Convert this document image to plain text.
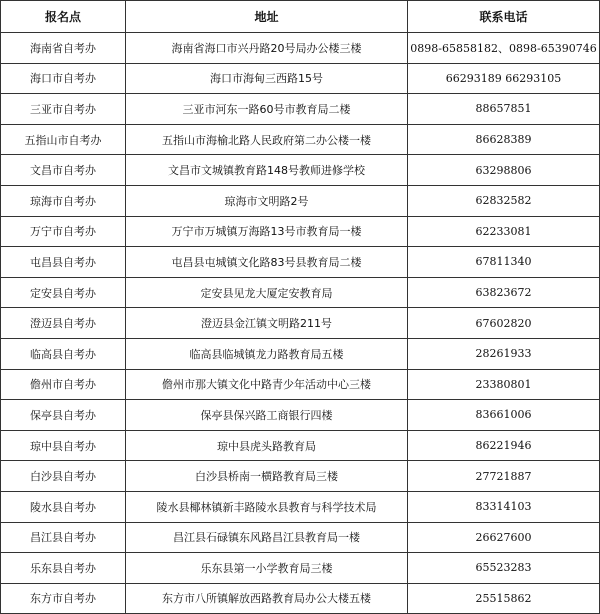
报名点	地址	联系电话
海南省自考办	海南省海口市兴丹路20号局办公楼三楼	0898-65858182、0898-65390746
海口市自考办	海口市海甸三西路15号	66293189 66293105
三亚市自考办	三亚市河东一路60号市教育局二楼	88657851
五指山市自考办	五指山市海榆北路人民政府第二办公楼一楼	86628389
文昌市自考办	文昌市文城镇教育路148号教师进修学校	63298806
琼海市自考办	琼海市文明路2号	62832582
万宁市自考办	万宁市万城镇万海路13号市教育局一楼	62233081
屯昌县自考办	屯昌县屯城镇文化路83号县教育局二楼	67811340
定安县自考办	定安县见龙大厦定安教育局	63823672
澄迈县自考办	澄迈县金江镇文明路211号	67602820
临高县自考办	临高县临城镇龙力路教育局五楼	28261933
儋州市自考办	儋州市那大镇文化中路青少年活动中心三楼	23380801
保亭县自考办	保亭县保兴路工商银行四楼	83661006
琼中县自考办	琼中县虎头路教育局	86221946
白沙县自考办	白沙县桥南一横路教育局三楼	27721887
陵水县自考办	陵水县椰林镇新丰路陵水县教育与科学技术局	83314103
昌江县自考办	昌江县石碌镇东风路昌江县教育局一楼	26627600
乐东县自考办	乐东县第一小学教育局三楼	65523283
东方市自考办	东方市八所镇解放西路教育局办公大楼五楼	25515862
